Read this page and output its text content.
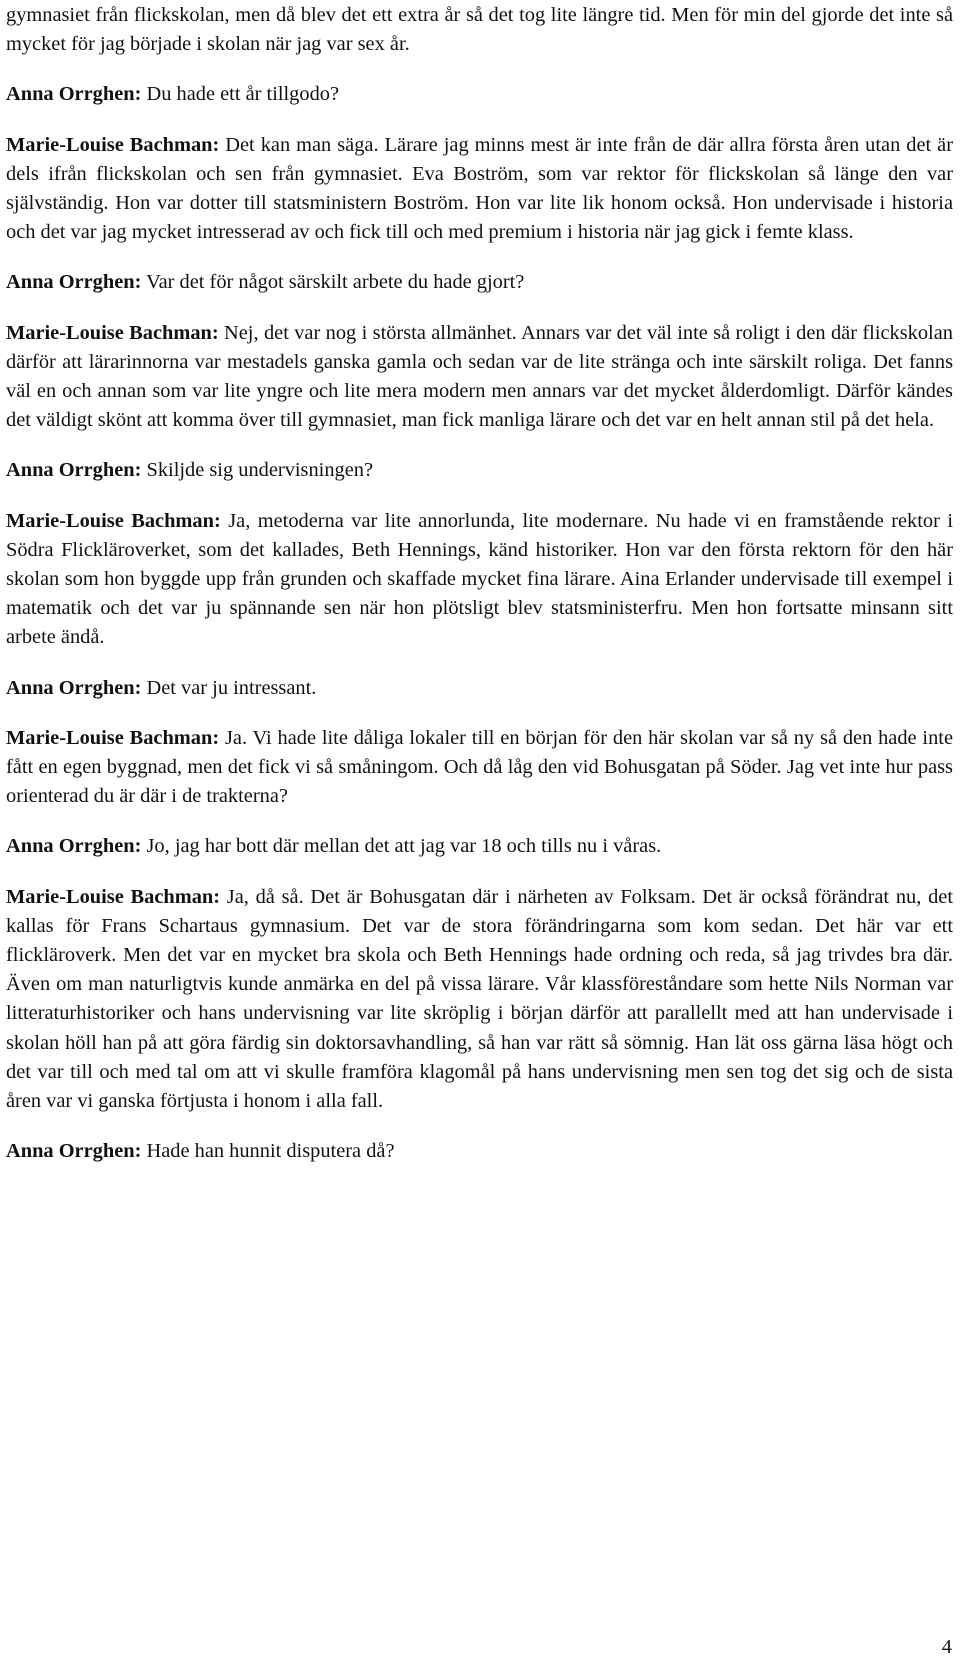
gymnasiet från flickskolan, men då blev det ett extra år så det tog lite längre tid. Men för min del gjorde det inte så mycket för jag började i skolan när jag var sex år.

Anna Orrghen: Du hade ett år tillgodo?

Marie-Louise Bachman: Det kan man säga. Lärare jag minns mest är inte från de där allra första åren utan det är dels ifrån flickskolan och sen från gymnasiet. Eva Boström, som var rektor för flickskolan så länge den var självständig. Hon var dotter till statsministern Boström. Hon var lite lik honom också. Hon undervisade i historia och det var jag mycket intresserad av och fick till och med premium i historia när jag gick i femte klass.

Anna Orrghen: Var det för något särskilt arbete du hade gjort?

Marie-Louise Bachman: Nej, det var nog i största allmänhet. Annars var det väl inte så roligt i den där flickskolan därför att lärarinnorna var mestadels ganska gamla och sedan var de lite stränga och inte särskilt roliga. Det fanns väl en och annan som var lite yngre och lite mera modern men annars var det mycket ålderdomligt. Därför kändes det väldigt skönt att komma över till gymnasiet, man fick manliga lärare och det var en helt annan stil på det hela.

Anna Orrghen: Skiljde sig undervisningen?

Marie-Louise Bachman: Ja, metoderna var lite annorlunda, lite modernare. Nu hade vi en framstående rektor i Södra Flickläroverket, som det kallades, Beth Hennings, känd historiker. Hon var den första rektorn för den här skolan som hon byggde upp från grunden och skaffade mycket fina lärare. Aina Erlander undervisade till exempel i matematik och det var ju spännande sen när hon plötsligt blev statsministerfru. Men hon fortsatte minsann sitt arbete ändå.

Anna Orrghen: Det var ju intressant.

Marie-Louise Bachman: Ja. Vi hade lite dåliga lokaler till en början för den här skolan var så ny så den hade inte fått en egen byggnad, men det fick vi så småningom. Och då låg den vid Bohusgatan på Söder. Jag vet inte hur pass orienterad du är där i de trakterna?

Anna Orrghen: Jo, jag har bott där mellan det att jag var 18 och tills nu i våras.

Marie-Louise Bachman: Ja, då så. Det är Bohusgatan där i närheten av Folksam. Det är också förändrat nu, det kallas för Frans Schartaus gymnasium. Det var de stora förändringarna som kom sedan. Det här var ett flickläroverk. Men det var en mycket bra skola och Beth Hennings hade ordning och reda, så jag trivdes bra där. Även om man naturligtvis kunde anmärka en del på vissa lärare. Vår klassföreståndare som hette Nils Norman var litteraturhistoriker och hans undervisning var lite skröplig i början därför att parallellt med att han undervisade i skolan höll han på att göra färdig sin doktorsavhandling, så han var rätt så sömnig. Han lät oss gärna läsa högt och det var till och med tal om att vi skulle framföra klagomål på hans undervisning men sen tog det sig och de sista åren var vi ganska förtjusta i honom i alla fall.

Anna Orrghen: Hade han hunnit disputera då?

4
